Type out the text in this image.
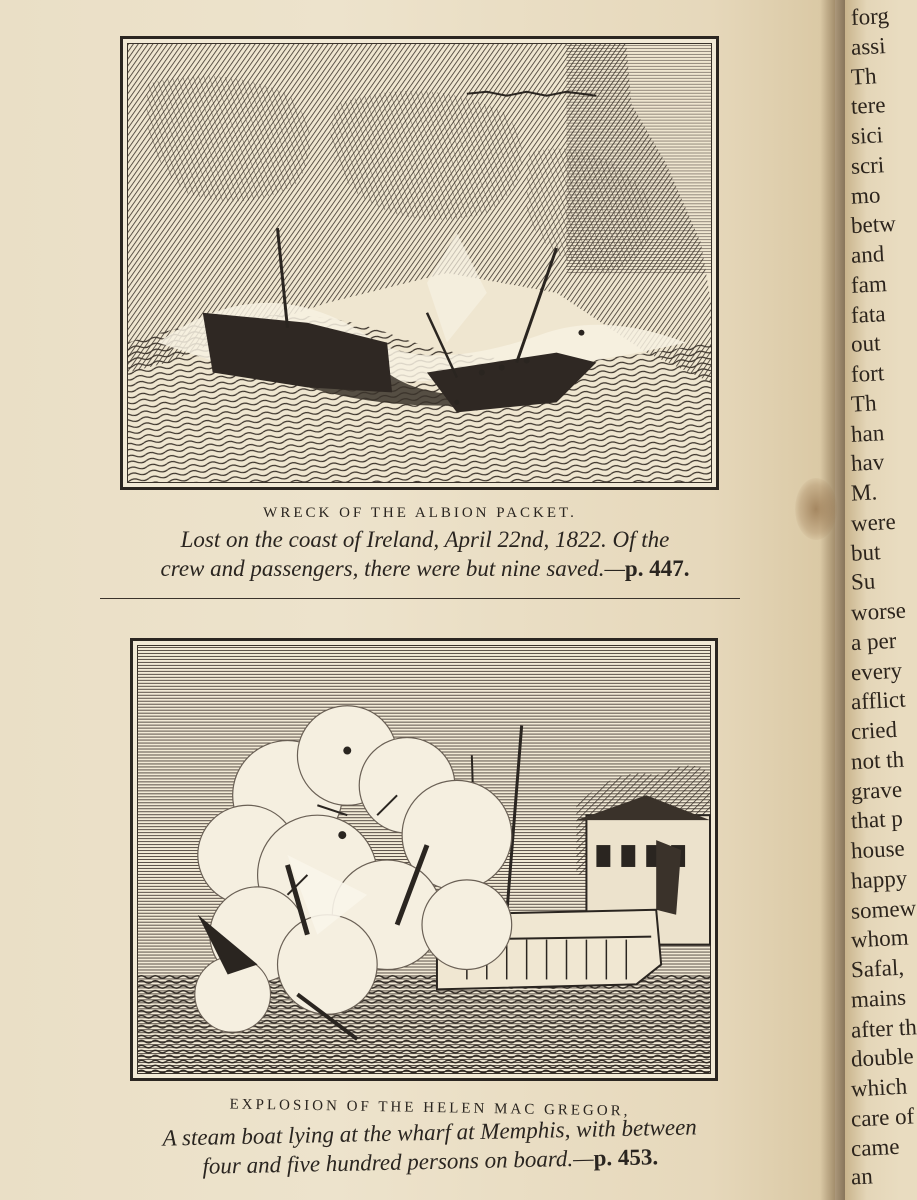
forg
assi
Th
tere
sici
scri
mo
betw
and
fam
fata
out
fort
Th
han
hav
M.
were
but
Su
worse
a per
every
afflict
cried
not th
grave
that p
house
happy
somew
whom
Safal,
mains
after th
double
which
care of
came
an
WRECK OF THE ALBION PACKET.
Lost on the coast of Ireland, April 22nd, 1822. Of the
crew and passengers, there were but nine saved.—p. 447.
EXPLOSION OF THE HELEN MAC GREGOR,
A steam boat lying at the wharf at Memphis, with between
four and five hundred persons on board.—p. 453.
